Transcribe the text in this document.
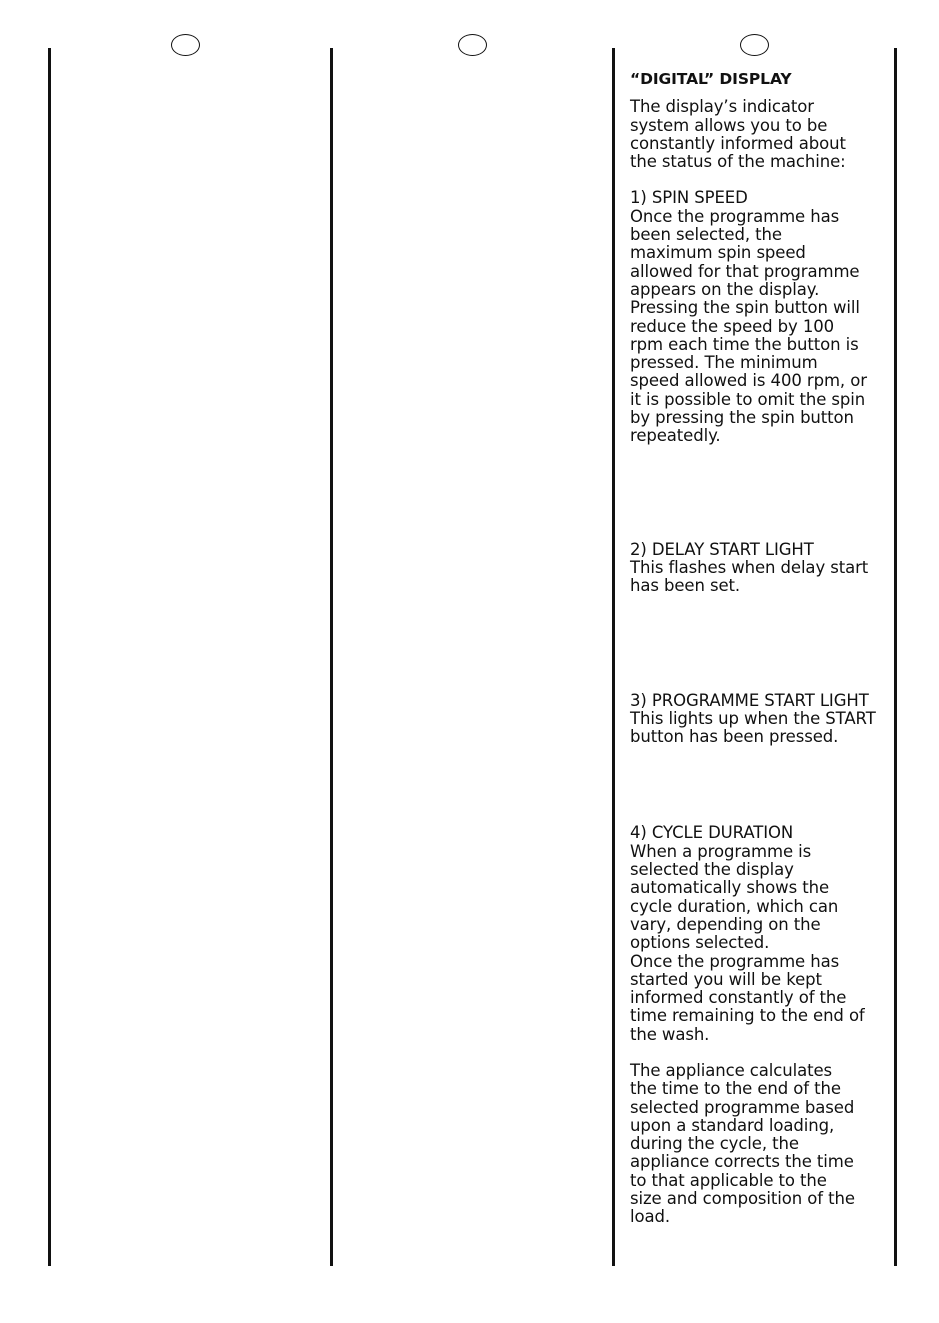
“DIGITAL” DISPLAY

The display’s indicator
system allows you to be
constantly informed about
the status of the machine:

1) SPIN SPEED

Once the programme has
been selected, the
maximum spin speed
allowed for that programme
appears on the display.
Pressing the spin button will
reduce the speed by 100
rpm each time the button is
pressed. The minimum
speed allowed is 400 rpm, or
it is possible to omit the spin
by pressing the spin button
repeatedly.

2) DELAY START LIGHT

This flashes when delay start
has been set.

3) PROGRAMME START LIGHT

This lights up when the START
button has been pressed.

4) CYCLE DURATION

When a programme is
selected the display
automatically shows the
cycle duration, which can
vary, depending on the
options selected.
Once the programme has
started you will be kept
informed constantly of the
time remaining to the end of
the wash.

The appliance calculates
the time to the end of the
selected programme based
upon a standard loading,
during the cycle, the
appliance corrects the time
to that applicable to the
size and composition of the
load.
